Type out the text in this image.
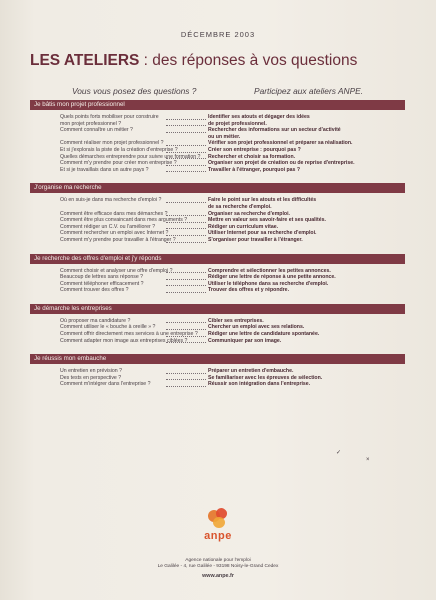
DÉCEMBRE 2003
LES ATELIERS : des réponses à vos questions
Vous vous posez des questions ?	Participez aux ateliers ANPE.
Je bâtis mon projet professionnel
Quels points forts mobiliser pour construire	Identifier ses atouts et dégager des idées
mon projet professionnel ?	de projet professionnel.
Comment connaître un métier ?	Rechercher des informations sur un secteur d'activité
ou un métier.
Comment réaliser mon projet professionnel ?	Vérifier son projet professionnel et préparer sa réalisation.
Et si j'explorais la piste de la création d'entreprise ?	Créer son entreprise : pourquoi pas ?
Quelles démarches entreprendre pour suivre une formation ?	Rechercher et choisir sa formation.
Comment m'y prendre pour créer mon entreprise ?	Organiser son projet de création ou de reprise d'entreprise.
Et si je travaillais dans un autre pays ?	Travailler à l'étranger, pourquoi pas ?
J'organise ma recherche
Où en suis-je dans ma recherche d'emploi ?	Faire le point sur les atouts et les difficultés
de sa recherche d'emploi.
Comment être efficace dans mes démarches ?	Organiser sa recherche d'emploi.
Comment être plus convaincant dans mes arguments ?	Mettre en valeur ses savoir-faire et ses qualités.
Comment rédiger un C.V. ou l'améliorer ?	Rédiger un curriculum vitae.
Comment rechercher un emploi avec Internet ?	Utiliser Internet pour sa recherche d'emploi.
Comment m'y prendre pour travailler à l'étranger ?	S'organiser pour travailler à l'étranger.
Je recherche des offres d'emploi et j'y réponds
Comment choisir et analyser une offre d'emploi ?	Comprendre et sélectionner les petites annonces.
Beaucoup de lettres sans réponse ?	Rédiger une lettre de réponse à une petite annonce.
Comment téléphoner efficacement ?	Utiliser le téléphone dans sa recherche d'emploi.
Comment trouver des offres ?	Trouver des offres et y répondre.
Je démarche les entreprises
Où proposer ma candidature ?	Cibler ses entreprises.
Comment utiliser le « bouche à oreille » ?	Chercher un emploi avec ses relations.
Comment offrir directement mes services à une entreprise ?	Rédiger une lettre de candidature spontanée.
Comment adapter mon image aux entreprises ciblées ?	Communiquer par son image.
Je réussis mon embauche
Un entretien en prévision ?	Préparer un entretien d'embauche.
Des tests en perspective ?	Se familiariser avec les épreuves de sélection.
Comment m'intégrer dans l'entreprise ?	Réussir son intégration dans l'entreprise.
anpe
Agence nationale pour l'emploi
Le Galilée - 4, rue Galilée - 93198 Noisy-le-Grand Cedex
www.anpe.fr
✓
×
